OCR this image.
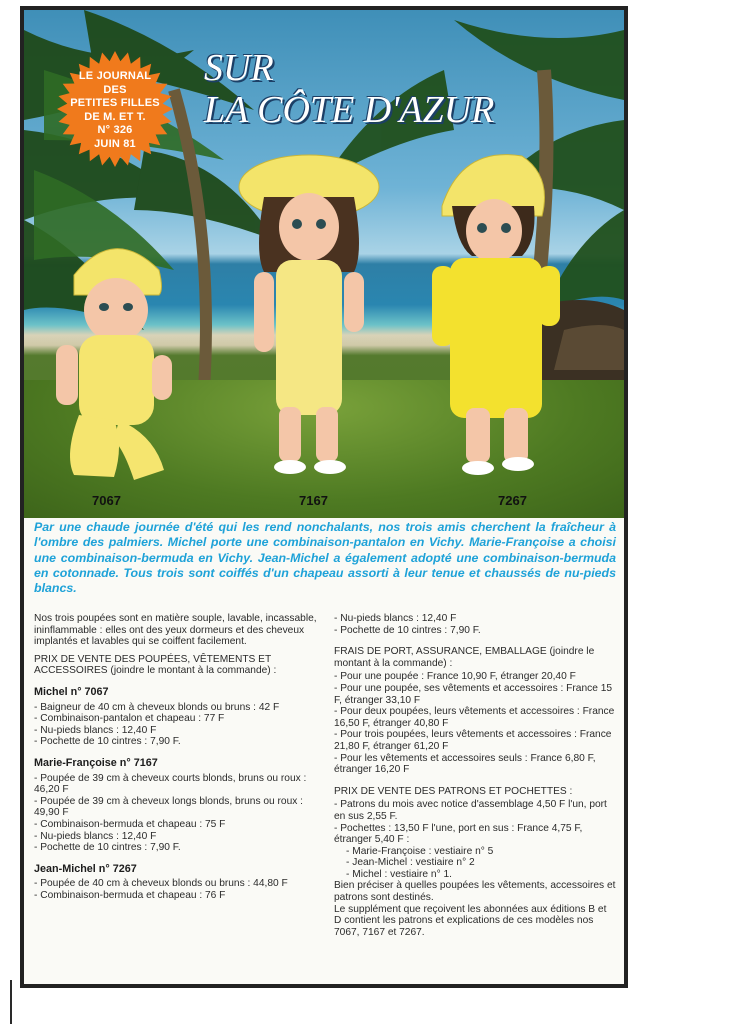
LE JOURNAL
DES
PETITES FILLES
DE M. ET T.
N° 326
JUIN 81
SUR
LA CÔTE D'AZUR
7067	7167	7267
Par une chaude journée d'été qui les rend nonchalants, nos trois amis cherchent la fraîcheur à l'ombre des palmiers. Michel porte une combinaison-pantalon en Vichy. Marie-Françoise a choisi une combinaison-bermuda en Vichy. Jean-Michel a également adopté une combinaison-bermuda en cotonnade. Tous trois sont coiffés d'un chapeau assorti à leur tenue et chaussés de nu-pieds blancs.

Nos trois poupées sont en matière souple, lavable, incassable, ininflammable : elles ont des yeux dormeurs et des cheveux implantés et lavables qui se coiffent facilement.

PRIX DE VENTE DES POUPÉES, VÊTEMENTS ET ACCESSOIRES (joindre le montant à la commande) :

Michel n° 7067
- Baigneur de 40 cm à cheveux blonds ou bruns : 42 F
- Combinaison-pantalon et chapeau : 77 F
- Nu-pieds blancs : 12,40 F
- Pochette de 10 cintres : 7,90 F.
Marie-Françoise n° 7167
- Poupée de 39 cm à cheveux courts blonds, bruns ou roux : 46,20 F
- Poupée de 39 cm à cheveux longs blonds, bruns ou roux : 49,90 F
- Combinaison-bermuda et chapeau : 75 F
- Nu-pieds blancs : 12,40 F
- Pochette de 10 cintres : 7,90 F.
Jean-Michel n° 7267
- Poupée de 40 cm à cheveux blonds ou bruns : 44,80 F
- Combinaison-bermuda et chapeau : 76 F
- Nu-pieds blancs : 12,40 F
- Pochette de 10 cintres : 7,90 F.
FRAIS DE PORT, ASSURANCE, EMBALLAGE (joindre le montant à la commande) :
- Pour une poupée : France 10,90 F, étranger 20,40 F
- Pour une poupée, ses vêtements et accessoires : France 15 F, étranger 33,10 F
- Pour deux poupées, leurs vêtements et accessoires : France 16,50 F, étranger 40,80 F
- Pour trois poupées, leurs vêtements et accessoires : France 21,80 F, étranger 61,20 F
- Pour les vêtements et accessoires seuls : France 6,80 F, étranger 16,20 F
PRIX DE VENTE DES PATRONS ET POCHETTES :
- Patrons du mois avec notice d'assemblage 4,50 F l'un, port en sus 2,55 F.
- Pochettes : 13,50 F l'une, port en sus : France 4,75 F, étranger 5,40 F :
- Marie-Françoise : vestiaire n° 5
- Jean-Michel : vestiaire n° 2
- Michel : vestiaire n° 1.
Bien préciser à quelles poupées les vêtements, accessoires et patrons sont destinés.
Le supplément que reçoivent les abonnées aux éditions B et D contient les patrons et explications de ces modèles nos 7067, 7167 et 7267.
